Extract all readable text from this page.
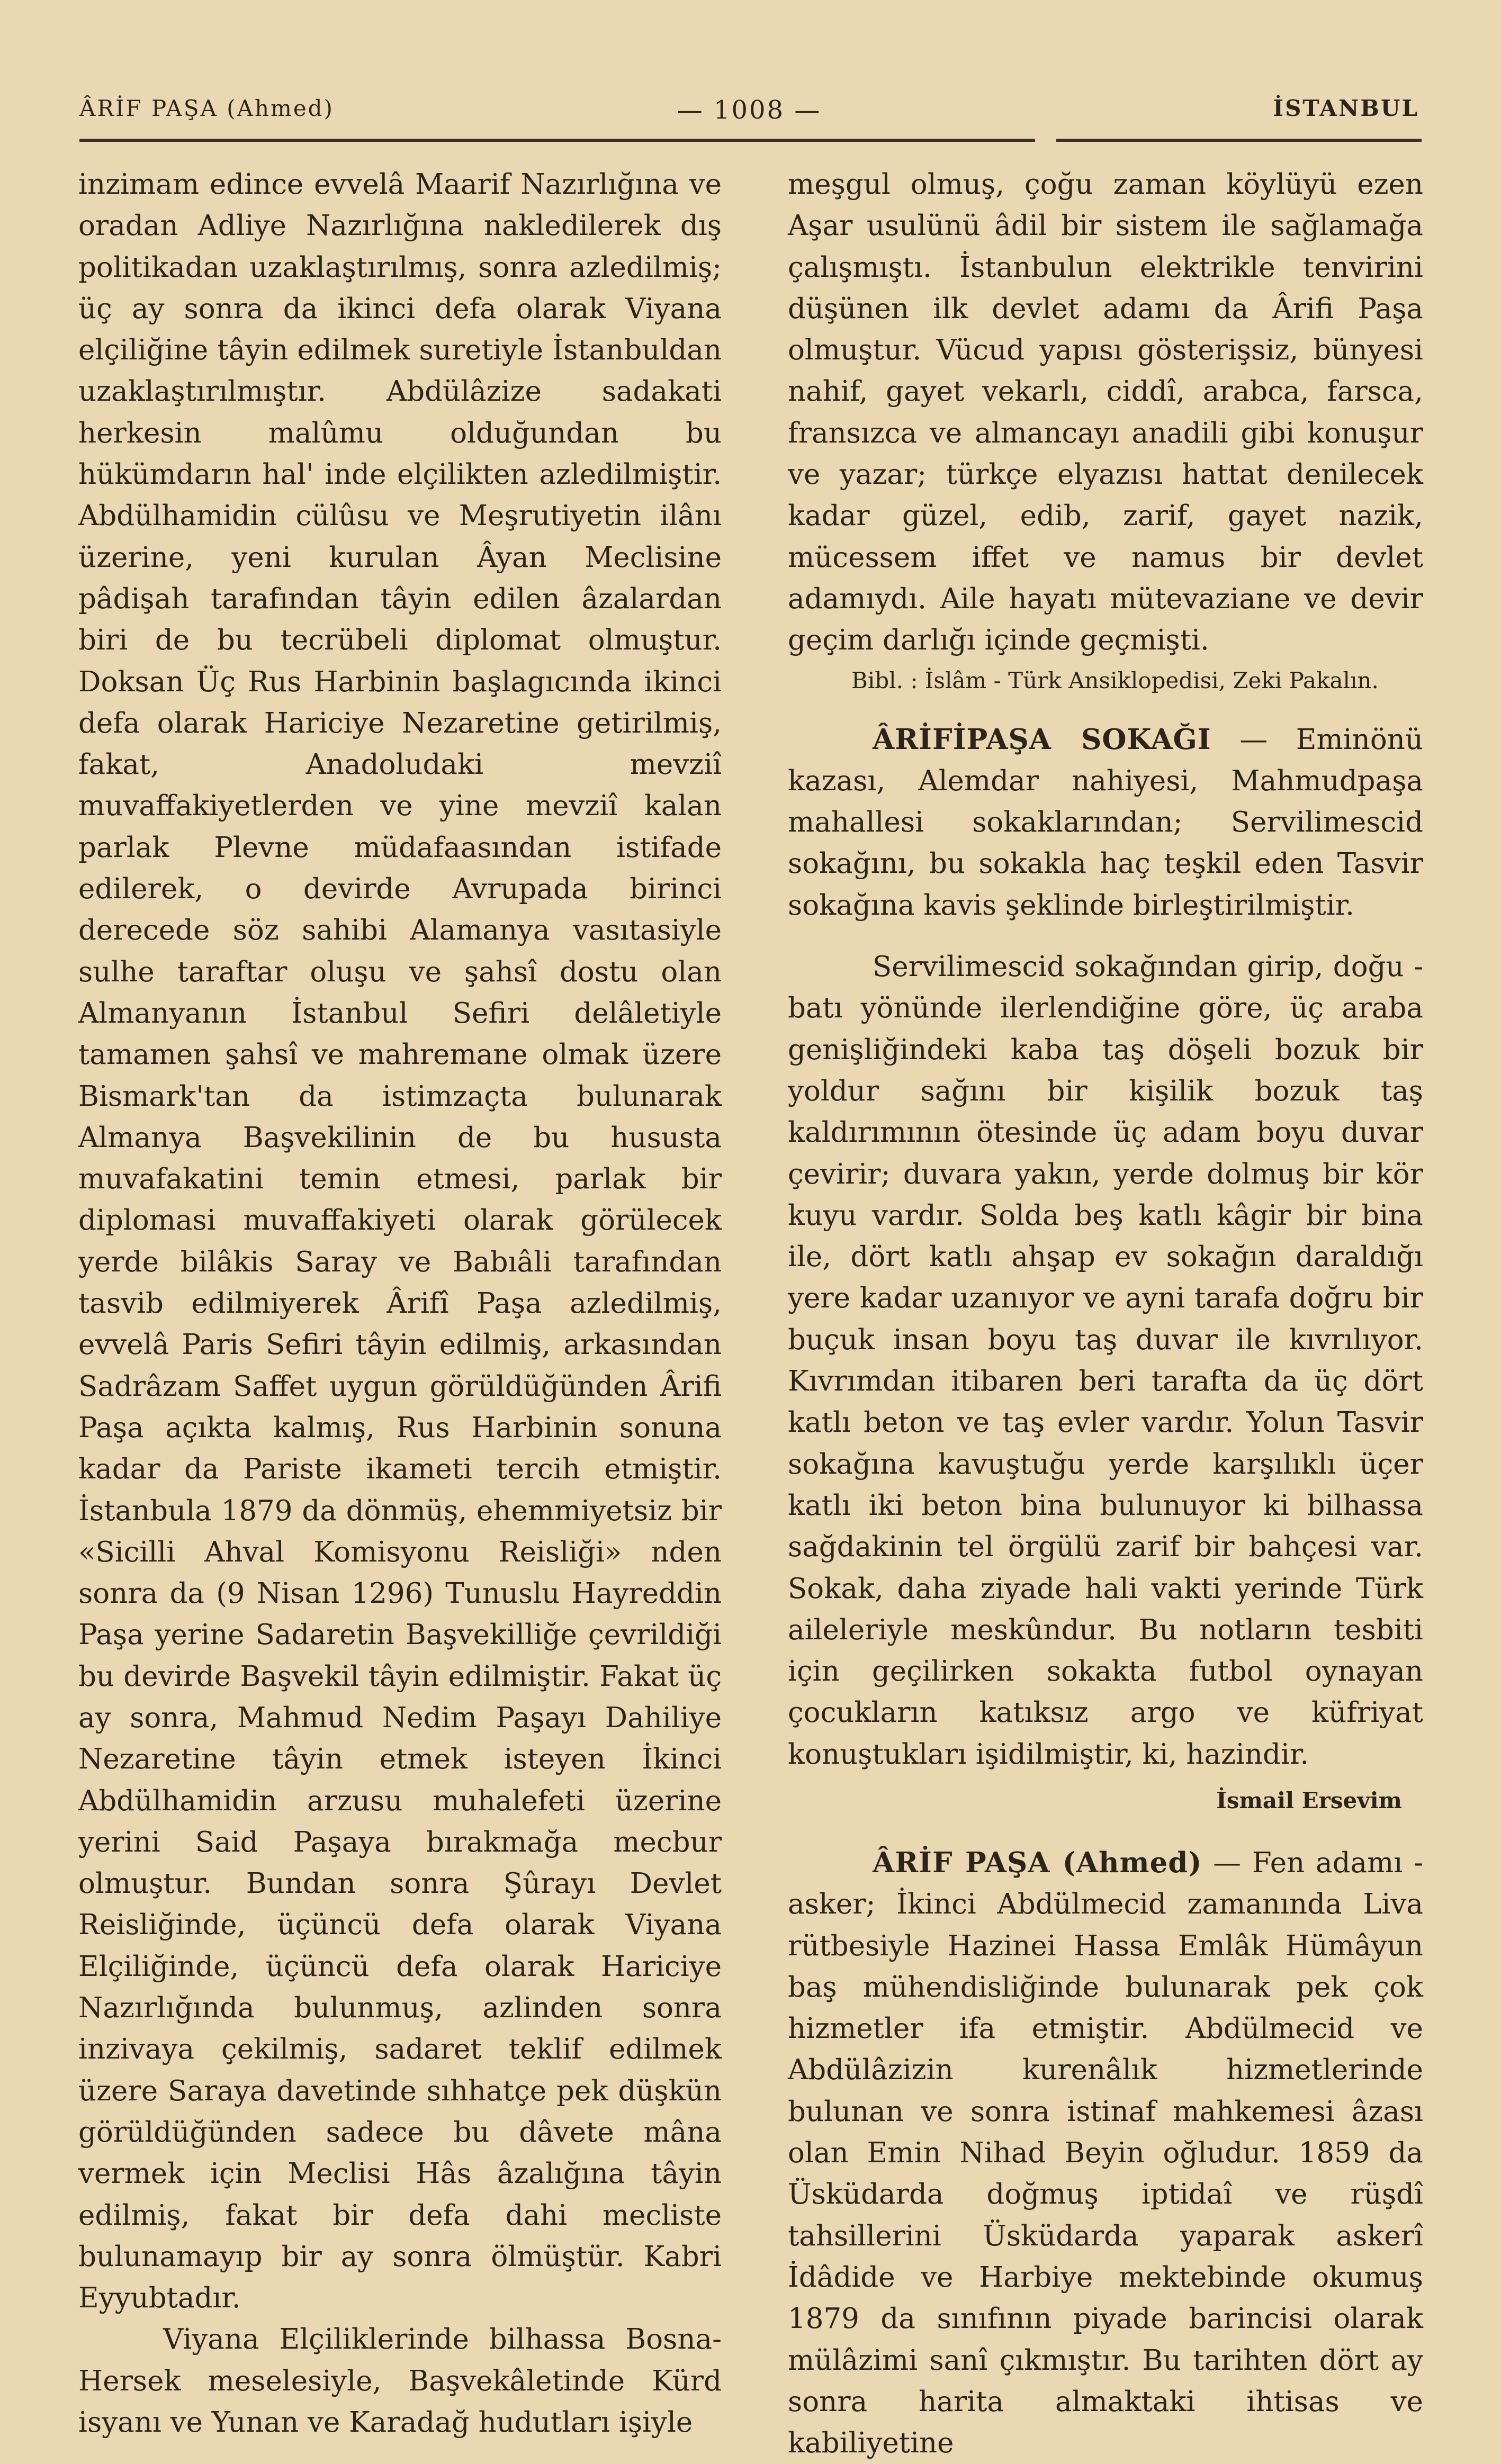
ÂRİF PAŞA (Ahmed)	— 1008 —	İSTANBUL

inzimam edince evvelâ Maarif Nazırlığına ve oradan Adliye Nazırlığına nakledilerek dış politikadan uzaklaştırılmış, sonra azledilmiş; üç ay sonra da ikinci defa olarak Viyana elçiliğine tâyin edilmek suretiyle İstanbuldan uzaklaştırılmıştır. Abdülâzize sadakati herkesin malûmu olduğundan bu hükümdarın hal' inde elçilikten azledilmiştir. Abdülhamidin cülûsu ve Meşrutiyetin ilânı üzerine, yeni kurulan Âyan Meclisine pâdişah tarafından tâyin edilen âzalardan biri de bu tecrübeli diplomat olmuştur. Doksan Üç Rus Harbinin başlagıcında ikinci defa olarak Hariciye Nezaretine getirilmiş, fakat, Anadoludaki mevziî muvaffakiyetlerden ve yine mevziî kalan parlak Plevne müdafaasından istifade edilerek, o devirde Avrupada birinci derecede söz sahibi Alamanya vasıtasiyle sulhe taraftar oluşu ve şahsî dostu olan Almanyanın İstanbul Sefiri delâletiyle tamamen şahsî ve mahremane olmak üzere Bismark'tan da istimzaçta bulunarak Almanya Başvekilinin de bu hususta muvafakatini temin etmesi, parlak bir diplomasi muvaffakiyeti olarak görülecek yerde bilâkis Saray ve Babıâli tarafından tasvib edilmiyerek Ârifî Paşa azledilmiş, evvelâ Paris Sefiri tâyin edilmiş, arkasından Sadrâzam Saffet uygun görüldüğünden Ârifi Paşa açıkta kalmış, Rus Harbinin sonuna kadar da Pariste ikameti tercih etmiştir. İstanbula 1879 da dönmüş, ehemmiyetsiz bir «Sicilli Ahval Komisyonu Reisliği» nden sonra da (9 Nisan 1296) Tunuslu Hayreddin Paşa yerine Sadaretin Başvekilliğe çevrildiği bu devirde Başvekil tâyin edilmiştir. Fakat üç ay sonra, Mahmud Nedim Paşayı Dahiliye Nezaretine tâyin etmek isteyen İkinci Abdülhamidin arzusu muhalefeti üzerine yerini Said Paşaya bırakmağa mecbur olmuştur. Bundan sonra Şûrayı Devlet Reisliğinde, üçüncü defa olarak Viyana Elçiliğinde, üçüncü defa olarak Hariciye Nazırlığında bulunmuş, azlinden sonra inzivaya çekilmiş, sadaret teklif edilmek üzere Saraya davetinde sıhhatçe pek düşkün görüldüğünden sadece bu dâvete mâna vermek için Meclisi Hâs âzalığına tâyin edilmiş, fakat bir defa dahi mecliste bulunamayıp bir ay sonra ölmüştür. Kabri Eyyubtadır.

Viyana Elçiliklerinde bilhassa Bosna-Hersek meselesiyle, Başvekâletinde Kürd isyanı ve Yunan ve Karadağ hudutları işiyle

meşgul olmuş, çoğu zaman köylüyü ezen Aşar usulünü âdil bir sistem ile sağlamağa çalışmıştı. İstanbulun elektrikle tenvirini düşünen ilk devlet adamı da Ârifi Paşa olmuştur. Vücud yapısı gösterişsiz, bünyesi nahif, gayet vekarlı, ciddî, arabca, farsca, fransızca ve almancayı anadili gibi konuşur ve yazar; türkçe elyazısı hattat denilecek kadar güzel, edib, zarif, gayet nazik, mücessem iffet ve namus bir devlet adamıydı. Aile hayatı mütevaziane ve devir geçim darlığı içinde geçmişti.

Bibl. : İslâm - Türk Ansiklopedisi, Zeki Pakalın.

ÂRİFİPAŞA SOKAĞI — Eminönü kazası, Alemdar nahiyesi, Mahmudpaşa mahallesi sokaklarından; Servilimescid sokağını, bu sokakla haç teşkil eden Tasvir sokağına kavis şeklinde birleştirilmiştir.

Servilimescid sokağından girip, doğu - batı yönünde ilerlendiğine göre, üç araba genişliğindeki kaba taş döşeli bozuk bir yoldur sağını bir kişilik bozuk taş kaldırımının ötesinde üç adam boyu duvar çevirir; duvara yakın, yerde dolmuş bir kör kuyu vardır. Solda beş katlı kâgir bir bina ile, dört katlı ahşap ev sokağın daraldığı yere kadar uzanıyor ve ayni tarafa doğru bir buçuk insan boyu taş duvar ile kıvrılıyor. Kıvrımdan itibaren beri tarafta da üç dört katlı beton ve taş evler vardır. Yolun Tasvir sokağına kavuştuğu yerde karşılıklı üçer katlı iki beton bina bulunuyor ki bilhassa sağdakinin tel örgülü zarif bir bahçesi var. Sokak, daha ziyade hali vakti yerinde Türk aileleriyle meskûndur. Bu notların tesbiti için geçilirken sokakta futbol oynayan çocukların katıksız argo ve küfriyat konuştukları işidilmiştir, ki, hazindir.

İsmail Ersevim

ÂRİF PAŞA (Ahmed) — Fen adamı - asker; İkinci Abdülmecid zamanında Liva rütbesiyle Hazinei Hassa Emlâk Hümâyun baş mühendisliğinde bulunarak pek çok hizmetler ifa etmiştir. Abdülmecid ve Abdülâzizin kurenâlık hizmetlerinde bulunan ve sonra istinaf mahkemesi âzası olan Emin Nihad Beyin oğludur. 1859 da Üsküdarda doğmuş iptidaî ve rüşdî tahsillerini Üsküdarda yaparak askerî İdâdide ve Harbiye mektebinde okumuş 1879 da sınıfının piyade barincisi olarak mülâzimi sanî çıkmıştır. Bu tarihten dört ay sonra harita almaktaki ihtisas ve kabiliyetine
